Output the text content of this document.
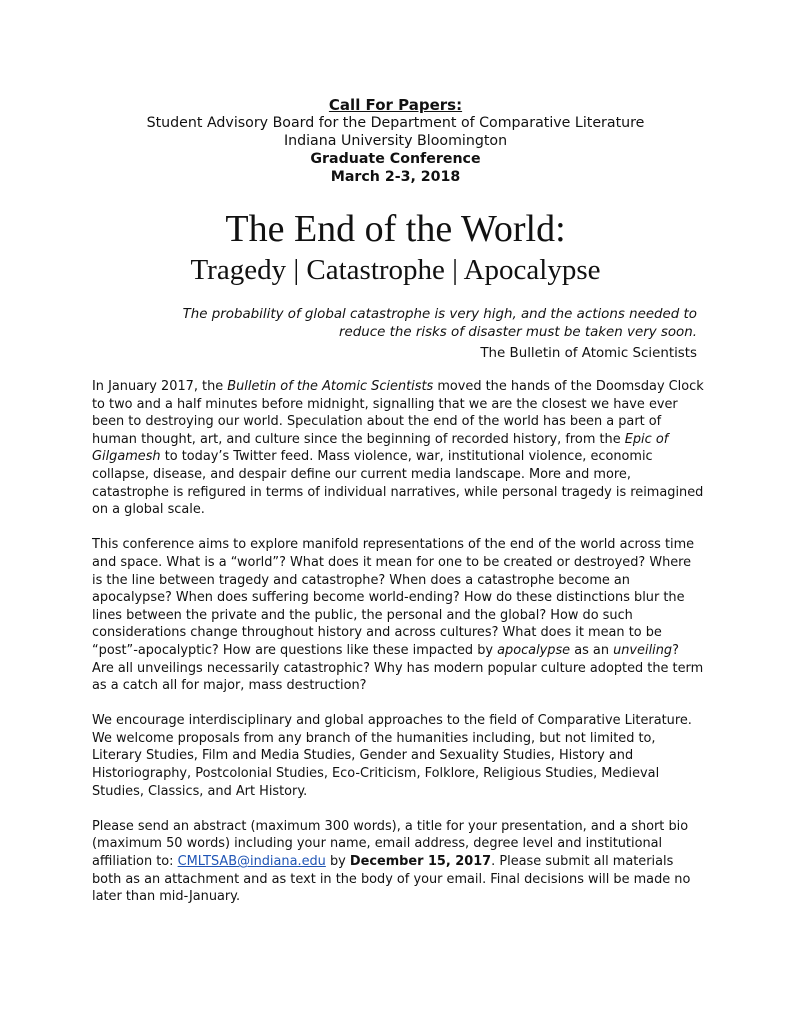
Call For Papers:
Student Advisory Board for the Department of Comparative Literature
Indiana University Bloomington
Graduate Conference
March 2-3, 2018
The End of the World:
Tragedy | Catastrophe | Apocalypse
The probability of global catastrophe is very high, and the actions needed to reduce the risks of disaster must be taken very soon.
The Bulletin of Atomic Scientists

In January 2017, the Bulletin of the Atomic Scientists moved the hands of the Doomsday Clock to two and a half minutes before midnight, signalling that we are the closest we have ever been to destroying our world. Speculation about the end of the world has been a part of human thought, art, and culture since the beginning of recorded history, from the Epic of Gilgamesh to today’s Twitter feed. Mass violence, war, institutional violence, economic collapse, disease, and despair define our current media landscape. More and more, catastrophe is refigured in terms of individual narratives, while personal tragedy is reimagined on a global scale.

This conference aims to explore manifold representations of the end of the world across time and space. What is a “world”? What does it mean for one to be created or destroyed? Where is the line between tragedy and catastrophe? When does a catastrophe become an apocalypse? When does suffering become world-ending? How do these distinctions blur the lines between the private and the public, the personal and the global? How do such considerations change throughout history and across cultures? What does it mean to be “post”-apocalyptic? How are questions like these impacted by apocalypse as an unveiling? Are all unveilings necessarily catastrophic? Why has modern popular culture adopted the term as a catch all for major, mass destruction?

We encourage interdisciplinary and global approaches to the field of Comparative Literature. We welcome proposals from any branch of the humanities including, but not limited to, Literary Studies, Film and Media Studies, Gender and Sexuality Studies, History and Historiography, Postcolonial Studies, Eco-Criticism, Folklore, Religious Studies, Medieval Studies, Classics, and Art History.

Please send an abstract (maximum 300 words), a title for your presentation, and a short bio (maximum 50 words) including your name, email address, degree level and institutional affiliation to: CMLTSAB@indiana.edu by December 15, 2017. Please submit all materials both as an attachment and as text in the body of your email. Final decisions will be made no later than mid-January.
